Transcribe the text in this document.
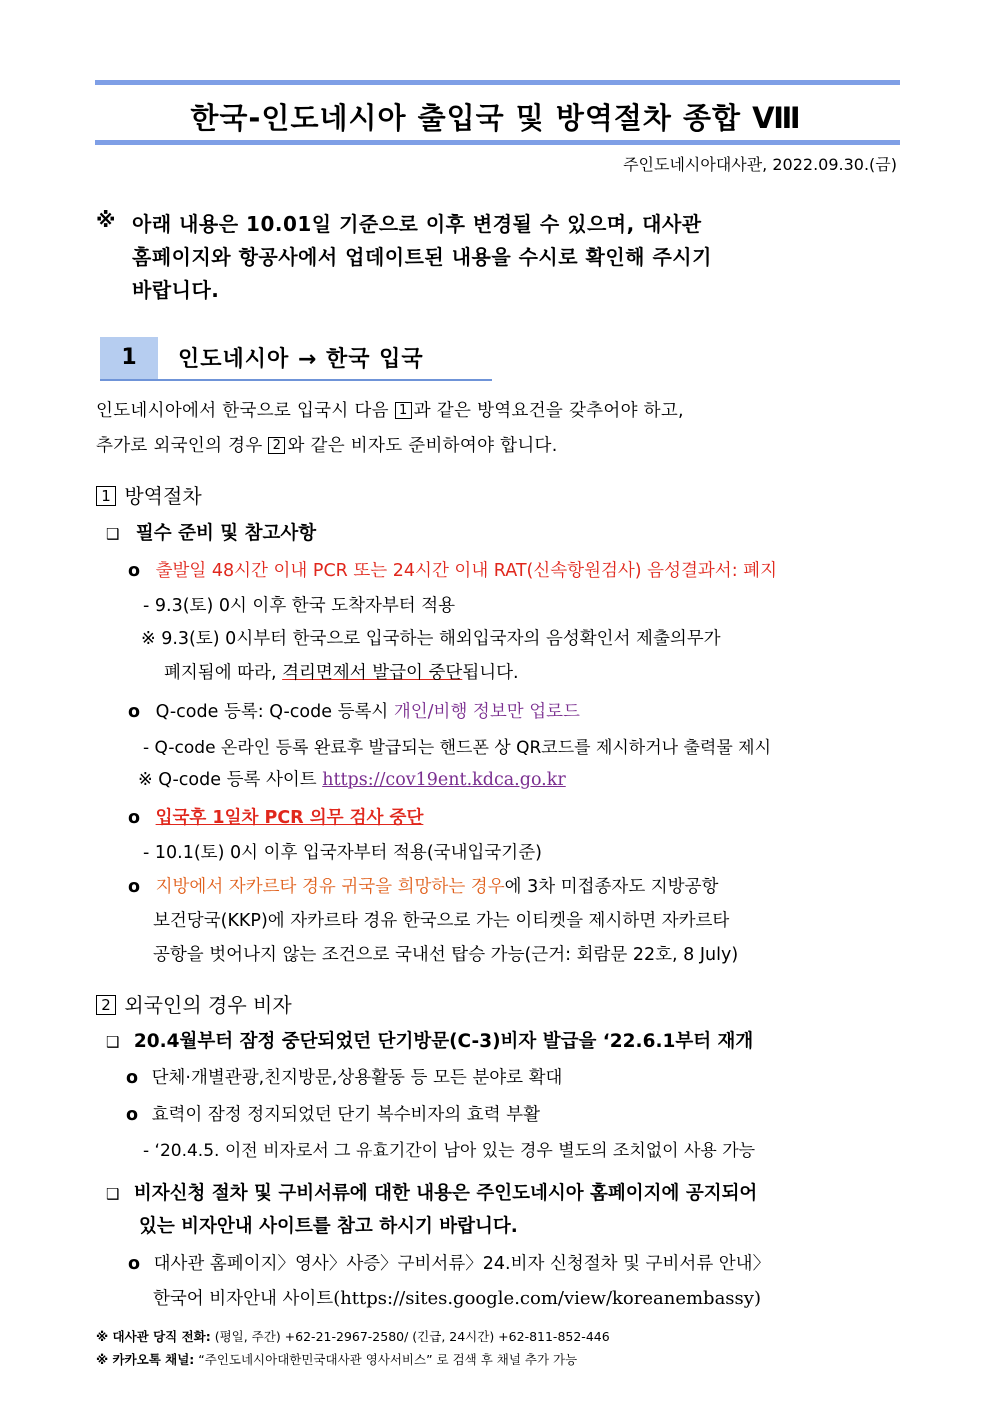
한국-인도네시아 출입국 및 방역절차 종합 Ⅷ
주인도네시아대사관, 2022.09.30.(금)
※ 아래 내용은 10.01일 기준으로 이후 변경될 수 있으며, 대사관
홈페이지와 항공사에서 업데이트된 내용을 수시로 확인해 주시기
바랍니다.
1	인도네시아 → 한국 입국
인도네시아에서 한국으로 입국시 다음 1 과 같은 방역요건을 갖추어야 하고,
추가로 외국인의 경우 2 와 같은 비자도 준비하여야 합니다.
1 방역절차
❑ 필수 준비 및 참고사항
o 출발일 48시간 이내 PCR 또는 24시간 이내 RAT(신속항원검사) 음성결과서: 폐지
- 9.3(토) 0시 이후 한국 도착자부터 적용
※ 9.3(토) 0시부터 한국으로 입국하는 해외입국자의 음성확인서 제출의무가
폐지됨에 따라, 격리면제서 발급이 중단됩니다.
o Q-code 등록: Q-code 등록시 개인/비행 정보만 업로드
- Q-code 온라인 등록 완료후 발급되는 핸드폰 상 QR코드를 제시하거나 출력물 제시
※ Q-code 등록 사이트 https://cov19ent.kdca.go.kr
o 입국후 1일차 PCR 의무 검사 중단
- 10.1(토) 0시 이후 입국자부터 적용(국내입국기준)
o 지방에서 자카르타 경유 귀국을 희망하는 경우에 3차 미접종자도 지방공항
보건당국(KKP)에 자카르타 경유 한국으로 가는 이티켓을 제시하면 자카르타
공항을 벗어나지 않는 조건으로 국내선 탑승 가능(근거: 회람문 22호, 8 July)
2 외국인의 경우 비자
❑ 20.4월부터 잠정 중단되었던 단기방문(C-3)비자 발급을 ‘22.6.1부터 재개
o 단체·개별관광,친지방문,상용활동 등 모든 분야로 확대
o 효력이 잠정 정지되었던 단기 복수비자의 효력 부활
- ‘20.4.5. 이전 비자로서 그 유효기간이 남아 있는 경우 별도의 조치없이 사용 가능
❑ 비자신청 절차 및 구비서류에 대한 내용은 주인도네시아 홈페이지에 공지되어
있는 비자안내 사이트를 참고 하시기 바랍니다.
o 대사관 홈페이지〉영사〉사증〉구비서류〉24.비자 신청절차 및 구비서류 안내〉
한국어 비자안내 사이트(https://sites.google.com/view/koreanembassy)
※ 대사관 당직 전화: (평일, 주간) +62-21-2967-2580/ (긴급, 24시간) +62-811-852-446
※ 카카오톡 채널: “주인도네시아대한민국대사관 영사서비스” 로 검색 후 채널 추가 가능
